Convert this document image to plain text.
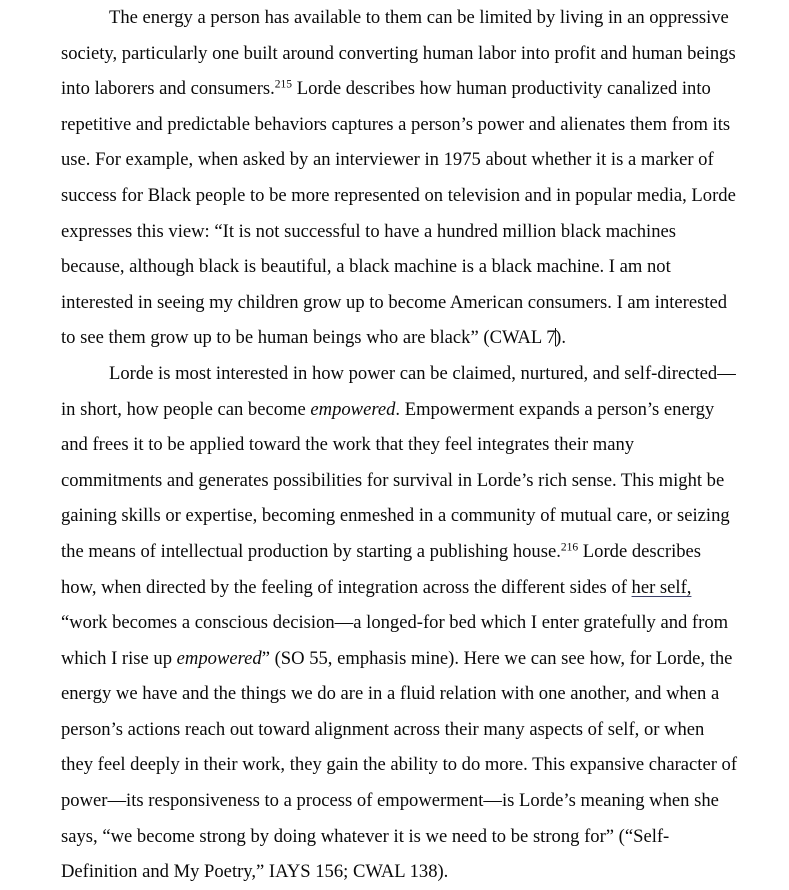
The energy a person has available to them can be limited by living in an oppressive society, particularly one built around converting human labor into profit and human beings into laborers and consumers.$^{215}$ Lorde describes how human productivity canalized into repetitive and predictable behaviors captures a person’s power and alienates them from its use. For example, when asked by an interviewer in 1975 about whether it is a marker of success for Black people to be more represented on television and in popular media, Lorde expresses this view: “It is not successful to have a hundred million black machines because, although black is beautiful, a black machine is a black machine. I am not interested in seeing my children grow up to become American consumers. I am interested to see them grow up to be human beings who are black” (CWAL 7).

Lorde is most interested in how power can be claimed, nurtured, and self-directed—in short, how people can become empowered. Empowerment expands a person’s energy and frees it to be applied toward the work that they feel integrates their many commitments and generates possibilities for survival in Lorde’s rich sense. This might be gaining skills or expertise, becoming enmeshed in a community of mutual care, or seizing the means of intellectual production by starting a publishing house.$^{216}$ Lorde describes how, when directed by the feeling of integration across the different sides of her self, “work becomes a conscious decision—a longed-for bed which I enter gratefully and from which I rise up empowered” (SO 55, emphasis mine). Here we can see how, for Lorde, the energy we have and the things we do are in a fluid relation with one another, and when a person’s actions reach out toward alignment across their many aspects of self, or when they feel deeply in their work, they gain the ability to do more. This expansive character of power—its responsiveness to a process of empowerment—is Lorde’s meaning when she says, “we become strong by doing whatever it is we need to be strong for” (“Self-Definition and My Poetry,” IAYS 156; CWAL 138).
